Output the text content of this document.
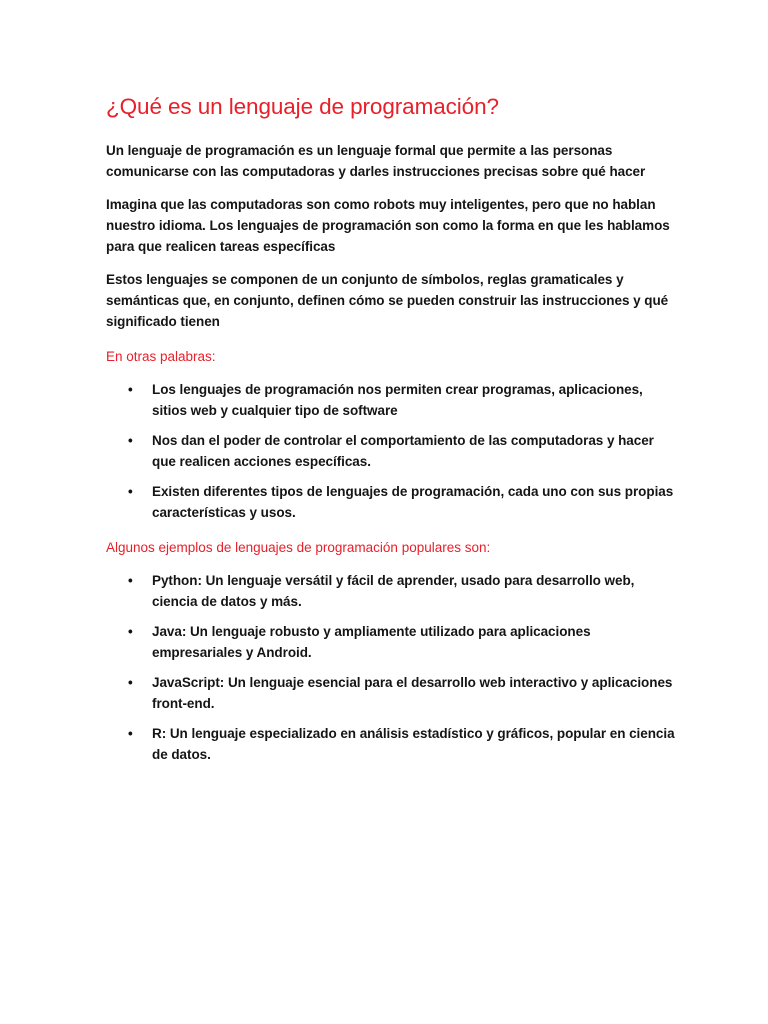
¿Qué es un lenguaje de programación?

Un lenguaje de programación es un lenguaje formal que permite a las personas comunicarse con las computadoras y darles instrucciones precisas sobre qué hacer

Imagina que las computadoras son como robots muy inteligentes, pero que no hablan nuestro idioma. Los lenguajes de programación son como la forma en que les hablamos para que realicen tareas específicas

Estos lenguajes se componen de un conjunto de símbolos, reglas gramaticales y semánticas que, en conjunto, definen cómo se pueden construir las instrucciones y qué significado tienen

En otras palabras:
• Los lenguajes de programación nos permiten crear programas, aplicaciones, sitios web y cualquier tipo de software
• Nos dan el poder de controlar el comportamiento de las computadoras y hacer que realicen acciones específicas.
• Existen diferentes tipos de lenguajes de programación, cada uno con sus propias características y usos.
Algunos ejemplos de lenguajes de programación populares son:
• Python: Un lenguaje versátil y fácil de aprender, usado para desarrollo web, ciencia de datos y más.
• Java: Un lenguaje robusto y ampliamente utilizado para aplicaciones empresariales y Android.
• JavaScript: Un lenguaje esencial para el desarrollo web interactivo y aplicaciones front-end.
• R: Un lenguaje especializado en análisis estadístico y gráficos, popular en ciencia de datos.
